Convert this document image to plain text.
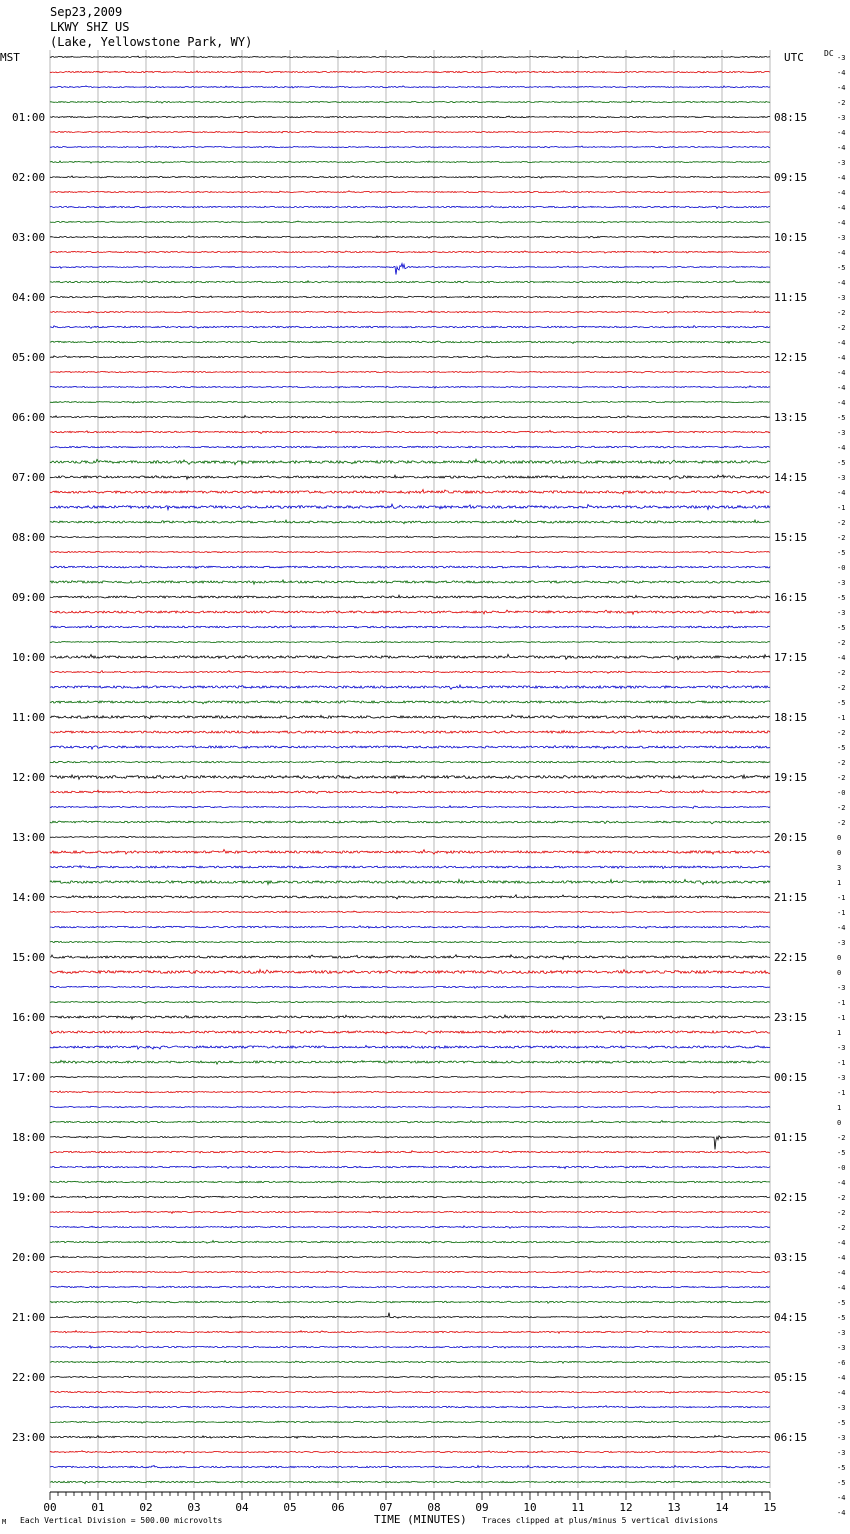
Sep23,2009
LKWY SHZ US
(Lake, Yellowstone Park, WY)
MST	UTC	DC
01:00
02:00
03:00
04:00
05:00
06:00
07:00
08:00
09:00
10:00
11:00
12:00
13:00
14:00
15:00
16:00
17:00
18:00
19:00
20:00
21:00
22:00
23:00
08:15
09:15
10:15
11:15
12:15
13:15
14:15
15:15
16:15
17:15
18:15
19:15
20:15
21:15
22:15
23:15
00:15
01:15
02:15
03:15
04:15
05:15
06:15
-3
-4
-4
-2
-3
-4
-4
-3
-4
-4
-4
-4
-3
-4
-5
-4
-3
-2
-2
-4
-4
-4
-4
-4
-5
-3
-4
-5
-3
-4
-1
-2
-2
-5
-0
-3
-5
-3
-5
-2
-4
-2
-2
-5
-1
-2
-5
-2
-2
-0
-2
-2
0
0
3
1
-1
-1
-4
-3
0
0
-3
-1
-1
1
-3
-1
-3
-1
1
0
-2
-5
-0
-4
-2
-2
-2
-4
-4
-4
-4
-5
-5
-3
-3
-6
-4
-4
-3
-5
-3
-3
-5
-5
-4
-4
00	01	02	03	04	05	06	07	08	09	10	11	12	13	14	15
M Each Vertical Division = 500.00 microvolts	TIME (MINUTES) Traces clipped at plus/minus 5 vertical divisions
